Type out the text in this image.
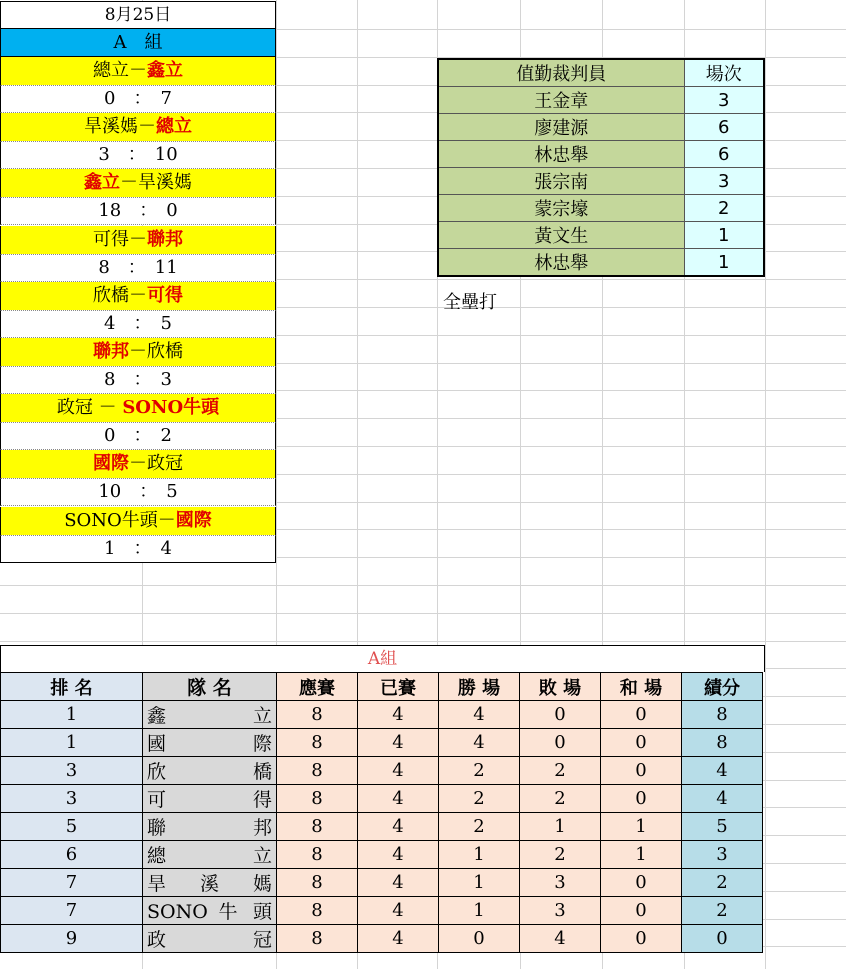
8月25日
A　組
總立－鑫立
0　：　7
旱溪媽－總立
3　：　10
鑫立－旱溪媽
18　：　0
可得－聯邦
8　：　11
欣橋－可得
4　：　5
聯邦－欣橋
8　：　3
政冠 － SONO牛頭
0　：　2
國際－政冠
10　：　5
SONO牛頭－國際
1　：　4
值勤裁判員	場次
王金章	3
廖建源	6
林忠舉	6
張宗南	3
蒙宗壕	2
黃文生	1
林忠舉	1
全壘打
A組
排 名	隊 名	應賽	已賽	勝 場	敗 場	和 場	績分
1	鑫立	8	4	4	0	0	8
1	國際	8	4	4	0	0	8
3	欣橋	8	4	2	2	0	4
3	可得	8	4	2	2	0	4
5	聯邦	8	4	2	1	1	5
6	總立	8	4	1	2	1	3
7	旱溪媽	8	4	1	3	0	2
7	SONO 牛 頭	8	4	1	3	0	2
9	政冠	8	4	0	4	0	0
